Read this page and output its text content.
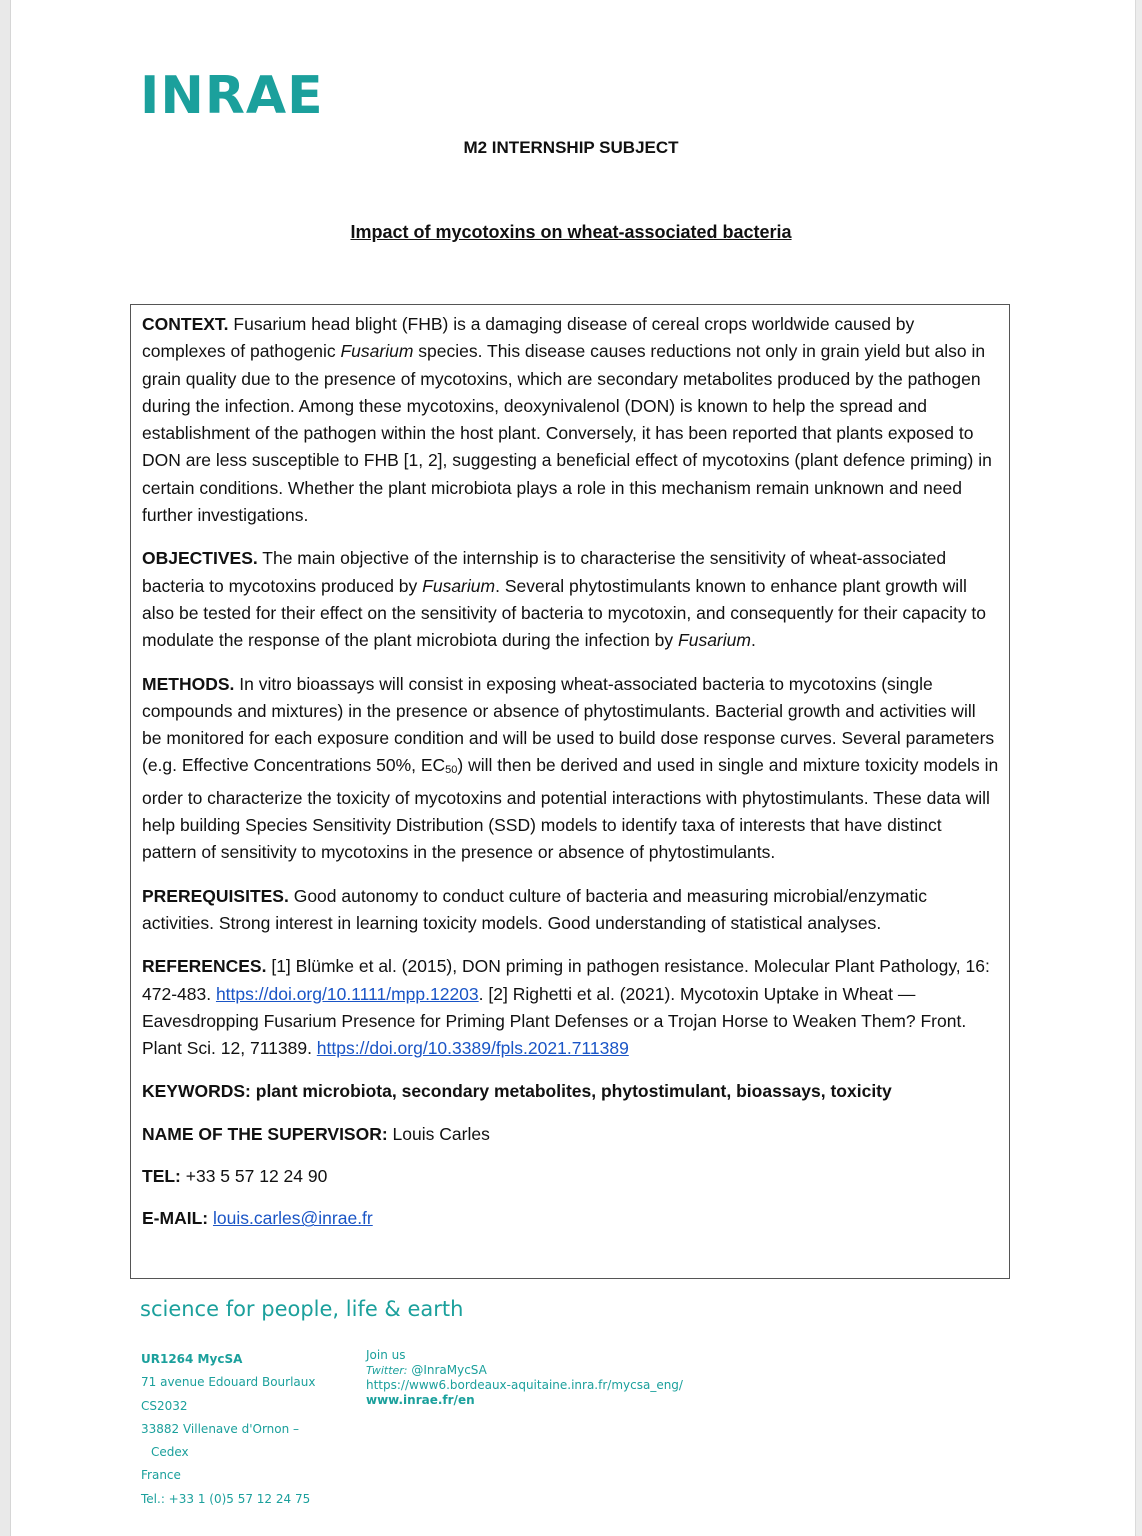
INRAE
M2 INTERNSHIP SUBJECT
Impact of mycotoxins on wheat-associated bacteria

CONTEXT. Fusarium head blight (FHB) is a damaging disease of cereal crops worldwide caused by complexes of pathogenic Fusarium species. This disease causes reductions not only in grain yield but also in grain quality due to the presence of mycotoxins, which are secondary metabolites produced by the pathogen during the infection. Among these mycotoxins, deoxynivalenol (DON) is known to help the spread and establishment of the pathogen within the host plant. Conversely, it has been reported that plants exposed to DON are less susceptible to FHB [1, 2], suggesting a beneficial effect of mycotoxins (plant defence priming) in certain conditions. Whether the plant microbiota plays a role in this mechanism remain unknown and need further investigations.

OBJECTIVES. The main objective of the internship is to characterise the sensitivity of wheat-associated bacteria to mycotoxins produced by Fusarium. Several phytostimulants known to enhance plant growth will also be tested for their effect on the sensitivity of bacteria to mycotoxin, and consequently for their capacity to modulate the response of the plant microbiota during the infection by Fusarium.

METHODS. In vitro bioassays will consist in exposing wheat-associated bacteria to mycotoxins (single compounds and mixtures) in the presence or absence of phytostimulants. Bacterial growth and activities will be monitored for each exposure condition and will be used to build dose response curves. Several parameters (e.g. Effective Concentrations 50%, EC50) will then be derived and used in single and mixture toxicity models in order to characterize the toxicity of mycotoxins and potential interactions with phytostimulants. These data will help building Species Sensitivity Distribution (SSD) models to identify taxa of interests that have distinct pattern of sensitivity to mycotoxins in the presence or absence of phytostimulants.

PREREQUISITES. Good autonomy to conduct culture of bacteria and measuring microbial/enzymatic activities. Strong interest in learning toxicity models. Good understanding of statistical analyses.

REFERENCES. [1] Blümke et al. (2015), DON priming in pathogen resistance. Molecular Plant Pathology, 16: 472-483. https://doi.org/10.1111/mpp.12203. [2] Righetti et al. (2021). Mycotoxin Uptake in Wheat — Eavesdropping Fusarium Presence for Priming Plant Defenses or a Trojan Horse to Weaken Them? Front. Plant Sci. 12, 711389. https://doi.org/10.3389/fpls.2021.711389

KEYWORDS: plant microbiota, secondary metabolites, phytostimulant, bioassays, toxicity

NAME OF THE SUPERVISOR: Louis Carles

TEL: +33 5 57 12 24 90

E-MAIL: louis.carles@inrae.fr

science for people, life & earth
UR1264 MycSA
71 avenue Edouard Bourlaux
CS2032
33882 Villenave d'Ornon –
Cedex
France
Tel.: +33 1 (0)5 57 12 24 75
Join us
Twitter: @InraMycSA
https://www6.bordeaux-aquitaine.inra.fr/mycsa_eng/
www.inrae.fr/en
